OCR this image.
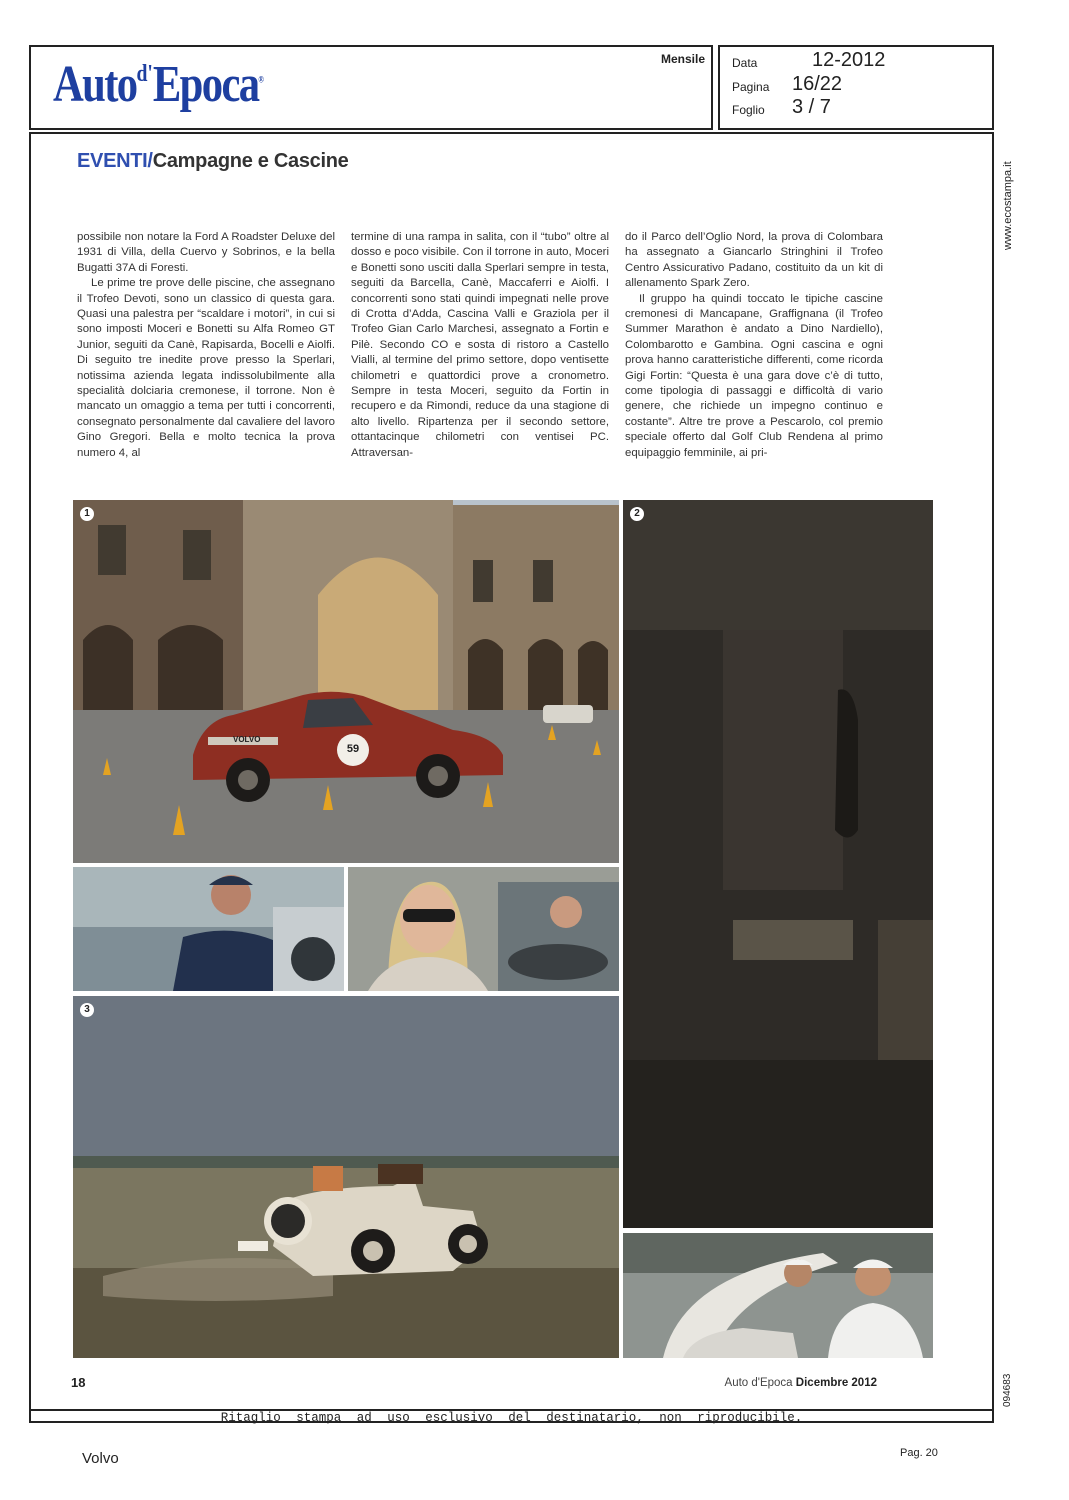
Auto$^{d'}$Epoca®
Mensile Data	12-2012
Pagina 16/22
Foglio 3 / 7
www.ecostampa.it
094683
EVENTI/Campagne e Cascine

possibile non notare la Ford A Roadster Deluxe del 1931 di Villa, della Cuervo y Sobrinos, e la bella Bugatti 37A di Foresti.

Le prime tre prove delle piscine, che assegnano il Trofeo Devoti, sono un classico di questa gara. Quasi una palestra per “scaldare i motori”, in cui si sono imposti Moceri e Bonetti su Alfa Romeo GT Junior, seguiti da Canè, Rapisarda, Bocelli e Aiolfi. Di seguito tre inedite prove presso la Sperlari, notissima azienda legata indissolubilmente alla specialità dolciaria cremonese, il torrone. Non è mancato un omaggio a tema per tutti i concorrenti, consegnato personalmente dal cavaliere del lavoro Gino Gregori. Bella e molto tecnica la prova numero 4, al

termine di una rampa in salita, con il “tubo” oltre al dosso e poco visibile. Con il torrone in auto, Moceri e Bonetti sono usciti dalla Sperlari sempre in testa, seguiti da Barcella, Canè, Maccaferri e Aiolfi. I concorrenti sono stati quindi impegnati nelle prove di Crotta d’Adda, Cascina Valli e Graziola per il Trofeo Gian Carlo Marchesi, assegnato a Fortin e Pilè. Secondo CO e sosta di ristoro a Castello Vialli, al termine del primo settore, dopo ventisette chilometri e quattordici prove a cronometro. Sempre in testa Moceri, seguito da Fortin in recupero e da Rimondi, reduce da una stagione di alto livello. Ripartenza per il secondo settore, ottantacinque chilometri con ventisei PC. Attraversan-

do il Parco dell’Oglio Nord, la prova di Colombara ha assegnato a Giancarlo Stringhini il Trofeo Centro Assicurativo Padano, costituito da un kit di allenamento Spark Zero.

Il gruppo ha quindi toccato le tipiche cascine cremonesi di Mancapane, Graffignana (il Trofeo Summer Marathon è andato a Dino Nardiello), Colombarotto e Gambina. Ogni cascina e ogni prova hanno caratteristiche differenti, come ricorda Gigi Fortin: “Questa è una gara dove c’è di tutto, come tipologia di passaggi e difficoltà di vario genere, che richiede un impegno continuo e costante”. Altre tre prove a Pescarolo, col premio speciale offerto dal Golf Club Rendena al primo equipaggio femminile, ai pri-

VOLVO
59
1	2
3
18	Auto d'Epoca Dicembre 2012
Ritaglio stampa ad uso esclusivo del destinatario, non riproducibile.
Volvo	Pag. 20
